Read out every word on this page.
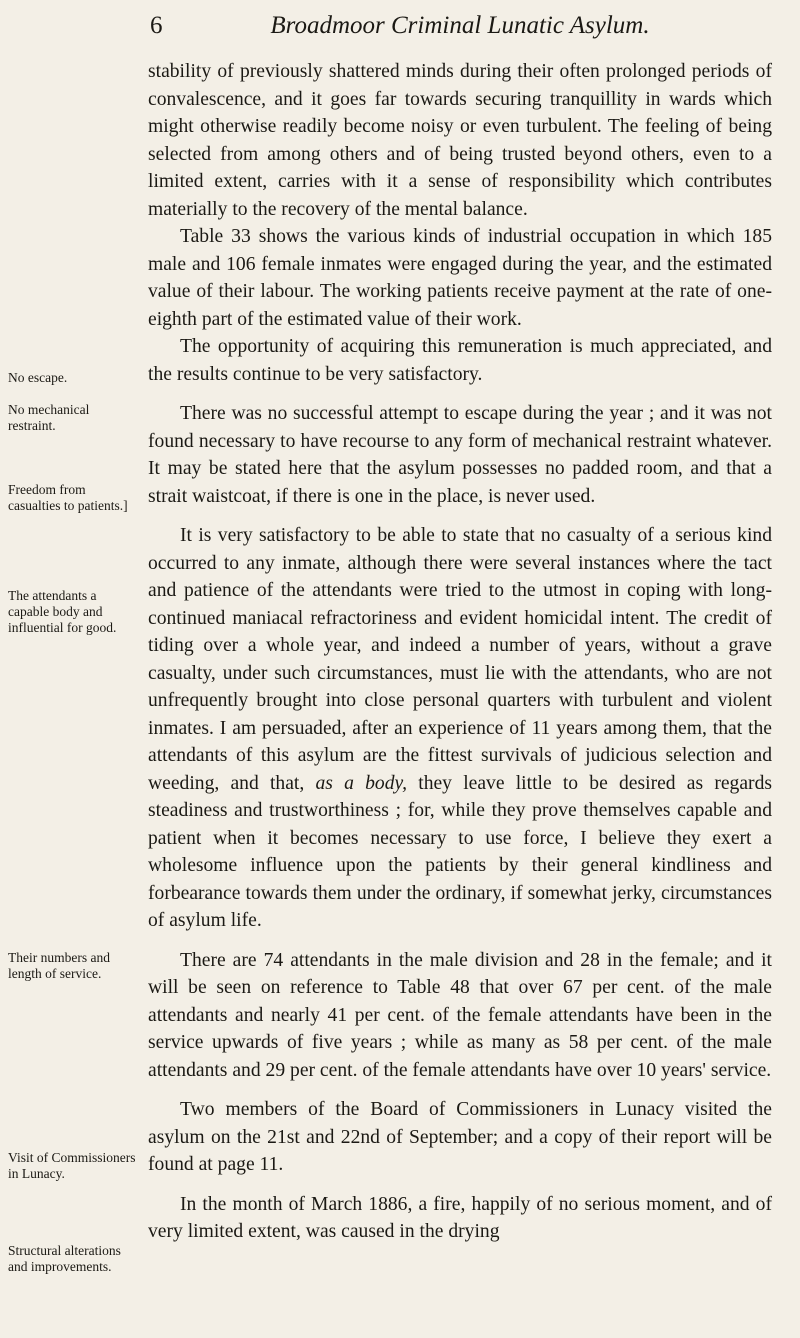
6	Broadmoor Criminal Lunatic Asylum.
No escape.
No mechanical restraint.
Freedom from casualties to patients.]
The attendants a capable body and influential for good.
Their numbers and length of service.
Visit of Commissioners in Lunacy.
Structural alterations and improvements.

stability of previously shattered minds during their often prolonged periods of convalescence, and it goes far towards securing tranquillity in wards which might otherwise readily become noisy or even turbulent. The feeling of being selected from among others and of being trusted beyond others, even to a limited extent, carries with it a sense of responsibility which contributes materially to the recovery of the mental balance.

Table 33 shows the various kinds of industrial occupation in which 185 male and 106 female inmates were engaged during the year, and the estimated value of their labour. The working patients receive payment at the rate of one-eighth part of the estimated value of their work.

The opportunity of acquiring this remuneration is much appreciated, and the results continue to be very satisfactory.

There was no successful attempt to escape during the year ; and it was not found necessary to have recourse to any form of mechanical restraint whatever. It may be stated here that the asylum possesses no padded room, and that a strait waistcoat, if there is one in the place, is never used.

It is very satisfactory to be able to state that no casualty of a serious kind occurred to any inmate, although there were several instances where the tact and patience of the attendants were tried to the utmost in coping with long-continued maniacal refractoriness and evident homicidal intent. The credit of tiding over a whole year, and indeed a number of years, without a grave casualty, under such circumstances, must lie with the attendants, who are not unfrequently brought into close personal quarters with turbulent and violent inmates. I am persuaded, after an experience of 11 years among them, that the attendants of this asylum are the fittest survivals of judicious selection and weeding, and that, as a body, they leave little to be desired as regards steadiness and trustworthiness ; for, while they prove themselves capable and patient when it becomes necessary to use force, I believe they exert a wholesome influence upon the patients by their general kindliness and forbearance towards them under the ordinary, if somewhat jerky, circumstances of asylum life.

There are 74 attendants in the male division and 28 in the female; and it will be seen on reference to Table 48 that over 67 per cent. of the male attendants and nearly 41 per cent. of the female attendants have been in the service upwards of five years ; while as many as 58 per cent. of the male attendants and 29 per cent. of the female attendants have over 10 years' service.

Two members of the Board of Commissioners in Lunacy visited the asylum on the 21st and 22nd of September; and a copy of their report will be found at page 11.

In the month of March 1886, a fire, happily of no serious moment, and of very limited extent, was caused in the drying
